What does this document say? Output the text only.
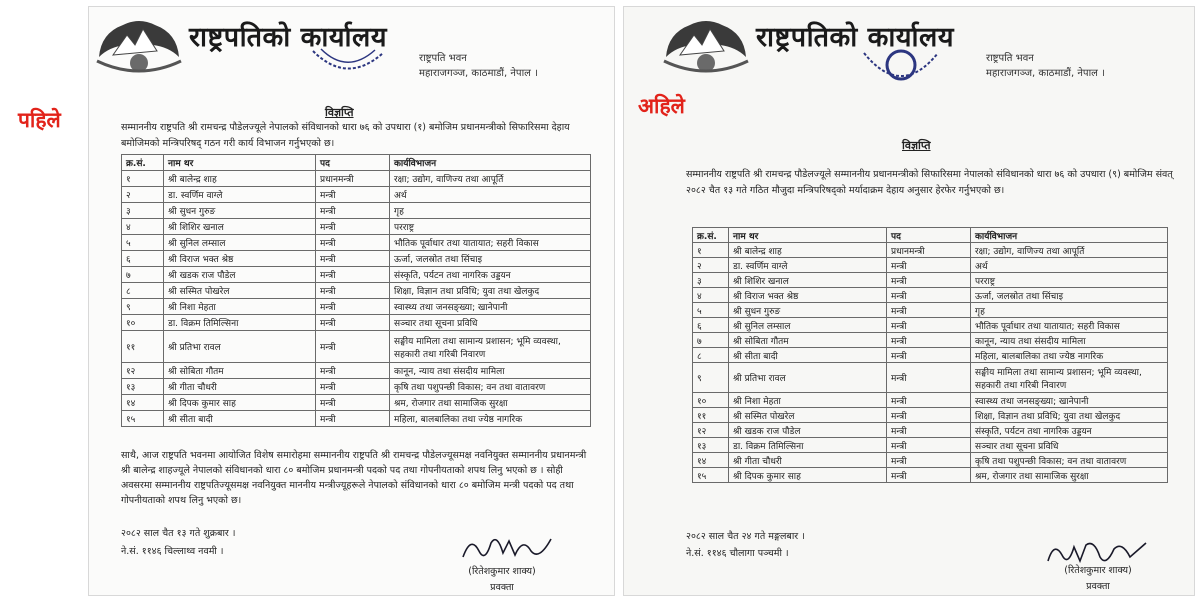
पहिले
अहिले
राष्ट्रपतिको कार्यालय
राष्ट्रपति भवन
महाराजगञ्ज, काठमाडौं, नेपाल ।
विज्ञप्ति
सम्माननीय राष्ट्रपति श्री रामचन्द्र पौडेलज्यूले नेपालको संविधानको धारा ७६ को उपधारा (१) बमोजिम प्रधानमन्त्रीको सिफारिसमा देहाय बमोजिमको मन्त्रिपरिषद् गठन गरी कार्य विभाजन गर्नुभएको छ।
क्र.सं.	नाम थर	पद	कार्यविभाजन
१	श्री बालेन्द्र शाह	प्रधानमन्त्री	रक्षा; उद्योग, वाणिज्य तथा आपूर्ति
२	डा. स्वर्णिम वाग्ले	मन्त्री	अर्थ
३	श्री सुधन गुरुङ	मन्त्री	गृह
४	श्री शिशिर खनाल	मन्त्री	परराष्ट्र
५	श्री सुनिल लम्साल	मन्त्री	भौतिक पूर्वाधार तथा यातायात; सहरी विकास
६	श्री विराज भक्त श्रेष्ठ	मन्त्री	ऊर्जा, जलस्रोत तथा सिंचाइ
७	श्री खडक राज पौडेल	मन्त्री	संस्कृति, पर्यटन तथा नागरिक उड्डयन
८	श्री सस्मित पोखरेल	मन्त्री	शिक्षा, विज्ञान तथा प्रविधि; युवा तथा खेलकुद
९	श्री निशा मेहता	मन्त्री	स्वास्थ्य तथा जनसङ्ख्या; खानेपानी
१०	डा. विक्रम तिमिल्सिना	मन्त्री	सञ्चार तथा सूचना प्रविधि
११	श्री प्रतिभा रावल	मन्त्री	सङ्घीय मामिला तथा सामान्य प्रशासन; भूमि व्यवस्था, सहकारी तथा गरिबी निवारण
१२	श्री सोबिता गौतम	मन्त्री	कानून, न्याय तथा संसदीय मामिला
१३	श्री गीता चौधरी	मन्त्री	कृषि तथा पशुपन्छी विकास; वन तथा वातावरण
१४	श्री दिपक कुमार साह	मन्त्री	श्रम, रोजगार तथा सामाजिक सुरक्षा
१५	श्री सीता बादी	मन्त्री	महिला, बालबालिका तथा ज्येष्ठ नागरिक
साथै, आज राष्ट्रपति भवनमा आयोजित विशेष समारोहमा सम्माननीय राष्ट्रपति श्री रामचन्द्र पौडेलज्यूसमक्ष नवनियुक्त सम्माननीय प्रधानमन्त्री श्री बालेन्द्र शाहज्यूले नेपालको संविधानको धारा ८० बमोजिम प्रधानमन्त्री पदको पद तथा गोपनीयताको शपथ लिनु भएको छ । सोही अवसरमा सम्माननीय राष्ट्रपतिज्यूसमक्ष नवनियुक्त माननीय मन्त्रीज्यूहरूले नेपालको संविधानको धारा ८० बमोजिम मन्त्री पदको पद तथा गोपनीयताको शपथ लिनु भएको छ।
२०८२ साल चैत १३ गते शुक्रबार ।
ने.सं. ११४६ चिल्लाथ्व नवमी ।
(रितेशकुमार शाक्य)
प्रवक्ता
राष्ट्रपतिको कार्यालय
राष्ट्रपति भवन
महाराजगञ्ज, काठमाडौं, नेपाल ।
विज्ञप्ति
सम्माननीय राष्ट्रपति श्री रामचन्द्र पौडेलज्यूले सम्माननीय प्रधानमन्त्रीको सिफारिसमा नेपालको संविधानको धारा ७६ को उपधारा (९) बमोजिम संवत् २०८२ चैत १३ गते गठित मौजुदा मन्त्रिपरिषद्को मर्यादाक्रम देहाय अनुसार हेरफेर गर्नुभएको छ।
क्र.सं.	नाम थर	पद	कार्यविभाजन
१	श्री बालेन्द्र शाह	प्रधानमन्त्री	रक्षा; उद्योग, वाणिज्य तथा आपूर्ति
२	डा. स्वर्णिम वाग्ले	मन्त्री	अर्थ
३	श्री शिशिर खनाल	मन्त्री	परराष्ट्र
४	श्री विराज भक्त श्रेष्ठ	मन्त्री	ऊर्जा, जलस्रोत तथा सिंचाइ
५	श्री सुधन गुरुङ	मन्त्री	गृह
६	श्री सुनिल लम्साल	मन्त्री	भौतिक पूर्वाधार तथा यातायात; सहरी विकास
७	श्री सोबिता गौतम	मन्त्री	कानून, न्याय तथा संसदीय मामिला
८	श्री सीता बादी	मन्त्री	महिला, बालबालिका तथा ज्येष्ठ नागरिक
९	श्री प्रतिभा रावल	मन्त्री	सङ्घीय मामिला तथा सामान्य प्रशासन; भूमि व्यवस्था, सहकारी तथा गरिबी निवारण
१०	श्री निशा मेहता	मन्त्री	स्वास्थ्य तथा जनसङ्ख्या; खानेपानी
११	श्री सस्मित पोखरेल	मन्त्री	शिक्षा, विज्ञान तथा प्रविधि; युवा तथा खेलकुद
१२	श्री खडक राज पौडेल	मन्त्री	संस्कृति, पर्यटन तथा नागरिक उड्डयन
१३	डा. विक्रम तिमिल्सिना	मन्त्री	सञ्चार तथा सूचना प्रविधि
१४	श्री गीता चौधरी	मन्त्री	कृषि तथा पशुपन्छी विकास; वन तथा वातावरण
१५	श्री दिपक कुमार साह	मन्त्री	श्रम, रोजगार तथा सामाजिक सुरक्षा
२०८२ साल चैत २४ गते मङ्गलबार ।
ने.सं. ११४६ चौलागा पञ्चमी ।
(रितेशकुमार शाक्य)
प्रवक्ता
